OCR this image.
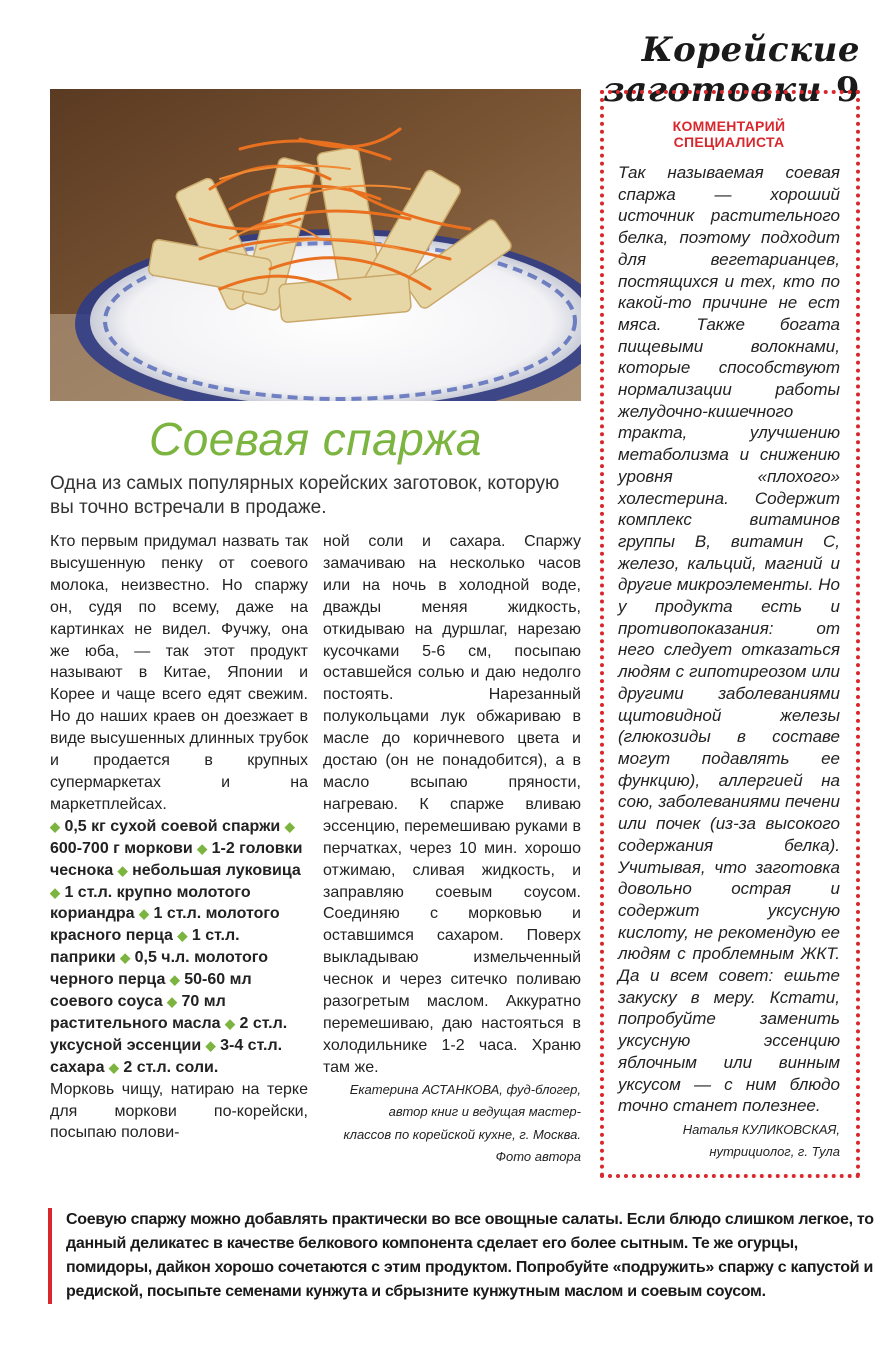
Корейские заготовки 9
Соевая спаржа
Одна из самых популярных корейских заготовок, которую вы точно встречали в продаже.
Кто первым придумал назвать так высушенную пенку от соевого молока, неизвестно. Но спаржу он, судя по всему, даже на картинках не видел. Фучжу, она же юба, — так этот продукт называют в Китае, Японии и Корее и чаще всего едят свежим. Но до наших краев он доезжает в виде высушенных длинных трубок и продается в крупных супермаркетах и на маркетплейсах.
◆ 0,5 кг сухой соевой спаржи ◆ 600-700 г моркови ◆ 1-2 головки чеснока ◆ небольшая луковица ◆ 1 ст.л. крупно молотого кориандра ◆ 1 ст.л. молотого красного перца ◆ 1 ст.л. паприки ◆ 0,5 ч.л. молотого черного перца ◆ 50-60 мл соевого соуса ◆ 70 мл растительного масла ◆ 2 ст.л. уксусной эссенции ◆ 3-4 ст.л. сахара ◆ 2 ст.л. соли.
Морковь чищу, натираю на терке для моркови по-корейски, посыпаю полови-
ной соли и сахара. Спаржу замачиваю на несколько часов или на ночь в холодной воде, дважды меняя жидкость, откидываю на дуршлаг, нарезаю кусочками 5-6 см, посыпаю оставшейся солью и даю недолго постоять. Нарезанный полукольцами лук обжариваю в масле до коричневого цвета и достаю (он не понадобится), а в масло всыпаю пряности, нагреваю. К спарже вливаю эссенцию, перемешиваю руками в перчатках, через 10 мин. хорошо отжимаю, сливая жидкость, и заправляю соевым соусом. Соединяю с морковью и оставшимся сахаром. Поверх выкладываю измельченный чеснок и через ситечко поливаю разогретым маслом. Аккуратно перемешиваю, даю настояться в холодильнике 1-2 часа. Храню там же.
Екатерина АСТАНКОВА, фуд-блогер,
автор книг и ведущая мастер-
классов по корейской кухне, г. Москва.
Фото автора
КОММЕНТАРИЙ СПЕЦИАЛИСТА
Так называемая соевая спаржа — хороший источник растительного белка, поэтому подходит для вегетарианцев, постящихся и тех, кто по какой-то причине не ест мяса. Также богата пищевыми волокнами, которые способствуют нормализации работы желудочно-кишечного тракта, улучшению метаболизма и снижению уровня «плохого» холестерина. Содержит комплекс витаминов группы В, витамин С, железо, кальций, магний и другие микроэлементы. Но у продукта есть и противопоказания: от него следует отказаться людям с гипотиреозом или другими заболеваниями щитовидной железы (глюкозиды в составе могут подавлять ее функцию), аллергией на сою, заболеваниями печени или почек (из-за высокого содержания белка). Учитывая, что заготовка довольно острая и содержит уксусную кислоту, не рекомендую ее людям с проблемным ЖКТ. Да и всем совет: ешьте закуску в меру. Кстати, попробуйте заменить уксусную эссенцию яблочным или винным уксусом — с ним блюдо точно станет полезнее.
Наталья КУЛИКОВСКАЯ,
нутрициолог, г. Тула
Соевую спаржу можно добавлять практически во все овощные салаты. Если блюдо слишком легкое, то данный деликатес в качестве белкового компонента сделает его более сытным. Те же огурцы, помидоры, дайкон хорошо сочетаются с этим продуктом. Попробуйте «подружить» спаржу с капустой и редиской, посыпьте семенами кунжута и сбрызните кунжутным маслом и соевым соусом.
